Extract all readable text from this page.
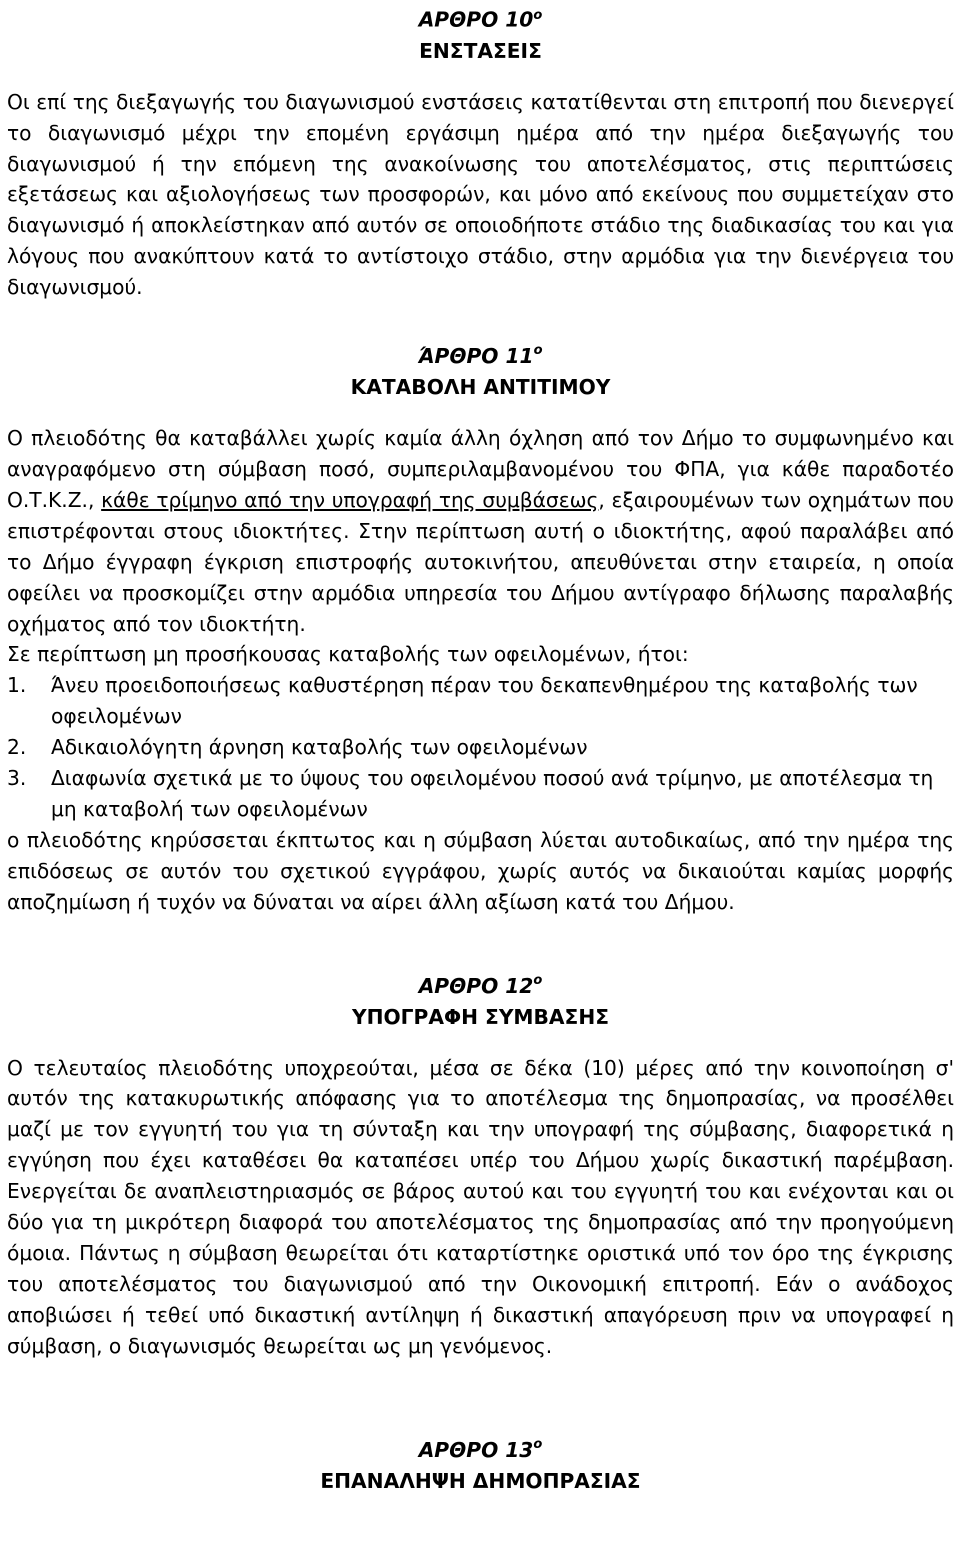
ΑΡΘΡΟ $10^o$
ΕΝΣΤΑΣΕΙΣ

Οι επί της διεξαγωγής του διαγωνισμού ενστάσεις κατατίθενται στη επιτροπή που διενεργεί το διαγωνισμό μέχρι την επομένη εργάσιμη ημέρα από την ημέρα διεξαγωγής του διαγωνισμού ή την επόμενη της ανακοίνωσης του αποτελέσματος, στις περιπτώσεις εξετάσεως και αξιολογήσεως των προσφορών, και μόνο από εκείνους που συμμετείχαν στο διαγωνισμό ή αποκλείστηκαν από αυτόν σε οποιοδήποτε στάδιο της διαδικασίας του και για λόγους που ανακύπτουν κατά το αντίστοιχο στάδιο, στην αρμόδια για την διενέργεια του διαγωνισμού.

ΆΡΘΡΟ $11^o$
ΚΑΤΑΒΟΛΗ ΑΝΤΙΤΙΜΟΥ

Ο πλειοδότης θα καταβάλλει χωρίς καμία άλλη όχληση από τον Δήμο το συμφωνημένο και αναγραφόμενο στη σύμβαση ποσό, συμπεριλαμβανομένου του ΦΠΑ, για κάθε παραδοτέο Ο.Τ.Κ.Ζ., κάθε τρίμηνο από την υπογραφή της συμβάσεως, εξαιρουμένων των οχημάτων που επιστρέφονται στους ιδιοκτήτες. Στην περίπτωση αυτή ο ιδιοκτήτης, αφού παραλάβει από το Δήμο έγγραφη έγκριση επιστροφής αυτοκινήτου, απευθύνεται στην εταιρεία, η οποία οφείλει να προσκομίζει στην αρμόδια υπηρεσία του Δήμου αντίγραφο δήλωσης παραλαβής οχήματος από τον ιδιοκτήτη.

Σε περίπτωση μη προσήκουσας καταβολής των οφειλομένων, ήτοι:

1. Άνευ προειδοποιήσεως καθυστέρηση πέραν του δεκαπενθημέρου της καταβολής των οφειλομένων
2. Αδικαιολόγητη άρνηση καταβολής των οφειλομένων
3. Διαφωνία σχετικά με το ύψους του οφειλομένου ποσού ανά τρίμηνο, με αποτέλεσμα τη μη καταβολή των οφειλομένων

ο πλειοδότης κηρύσσεται έκπτωτος και η σύμβαση λύεται αυτοδικαίως, από την ημέρα της επιδόσεως σε αυτόν του σχετικού εγγράφου, χωρίς αυτός να δικαιούται καμίας μορφής αποζημίωση ή τυχόν να δύναται να αίρει άλλη αξίωση κατά του Δήμου.

ΑΡΘΡΟ $12^o$
ΥΠΟΓΡΑΦΗ ΣΥΜΒΑΣΗΣ

Ο τελευταίος πλειοδότης υποχρεούται, μέσα σε δέκα (10) μέρες από την κοινοποίηση σ' αυτόν της κατακυρωτικής απόφασης για το αποτέλεσμα της δημοπρασίας, να προσέλθει μαζί με τον εγγυητή του για τη σύνταξη και την υπογραφή της σύμβασης, διαφορετικά η εγγύηση που έχει καταθέσει θα καταπέσει υπέρ του Δήμου χωρίς δικαστική παρέμβαση. Ενεργείται δε αναπλειστηριασμός σε βάρος αυτού και του εγγυητή του και ενέχονται και οι δύο για τη μικρότερη διαφορά του αποτελέσματος της δημοπρασίας από την προηγούμενη όμοια. Πάντως η σύμβαση θεωρείται ότι καταρτίστηκε οριστικά υπό τον όρο της έγκρισης του αποτελέσματος του διαγωνισμού από την Οικονομική επιτροπή. Εάν ο ανάδοχος αποβιώσει ή τεθεί υπό δικαστική αντίληψη ή δικαστική απαγόρευση πριν να υπογραφεί η σύμβαση, ο διαγωνισμός θεωρείται ως μη γενόμενος.

ΑΡΘΡΟ $13^o$
ΕΠΑΝΑΛΗΨΗ ΔΗΜΟΠΡΑΣΙΑΣ
